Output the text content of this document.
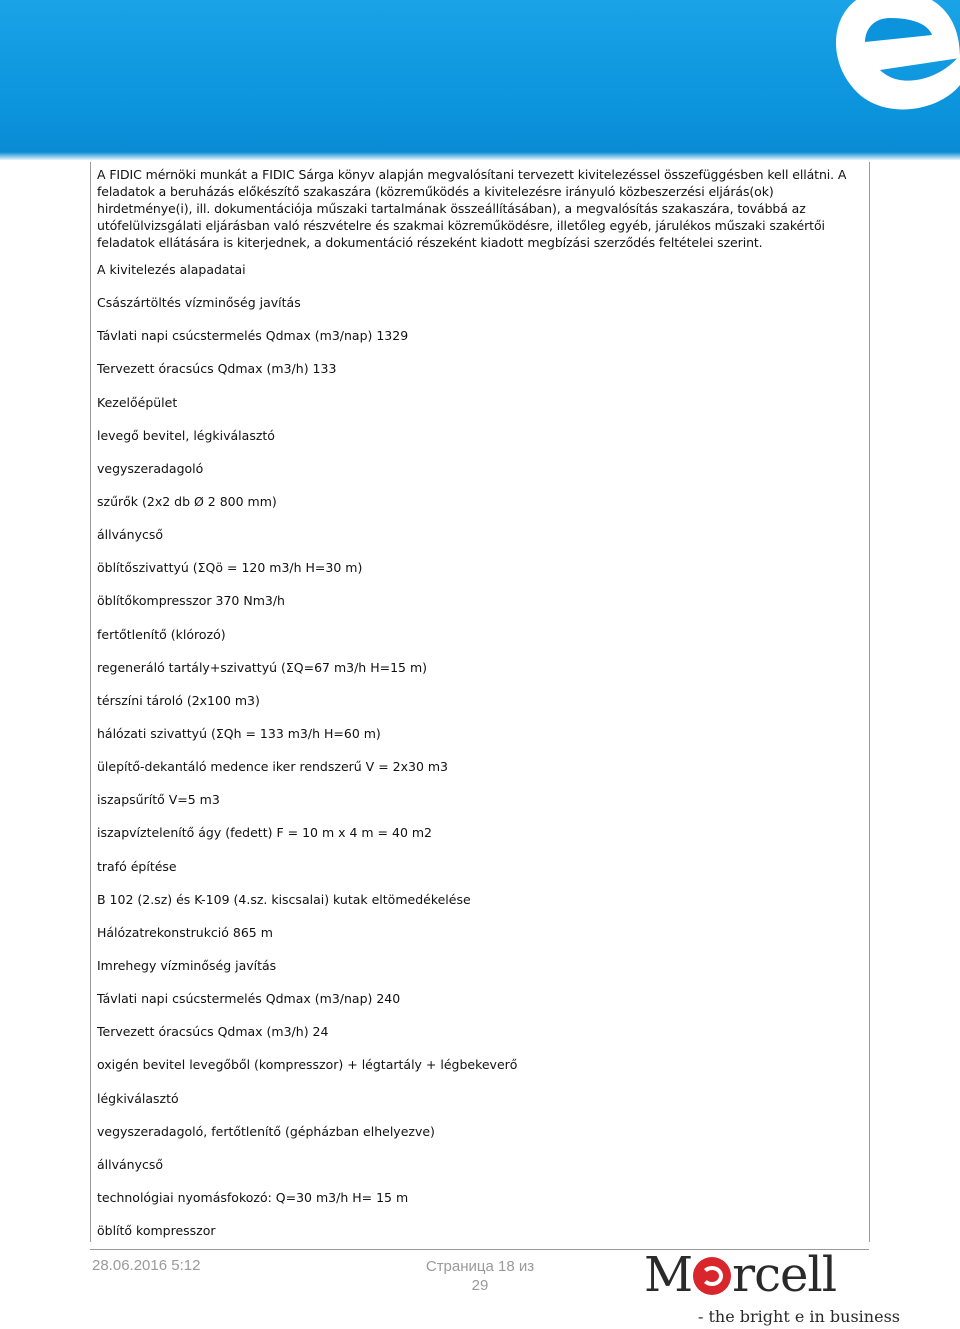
A FIDIC mérnöki munkát a FIDIC Sárga könyv alapján megvalósítani tervezett kivitelezéssel összefüggésben kell ellátni. A feladatok a beruházás előkészítő szakaszára (közreműködés a kivitelezésre irányuló közbeszerzési eljárás(ok) hirdetménye(i), ill. dokumentációja műszaki tartalmának összeállításában), a megvalósítás szakaszára, továbbá az utófelülvizsgálati eljárásban való részvételre és szakmai közreműködésre, illetőleg egyéb, járulékos műszaki szakértői feladatok ellátására is kiterjednek, a dokumentáció részeként kiadott megbízási szerződés feltételei szerint.

A kivitelezés alapadatai
Császártöltés vízminőség javítás
Távlati napi csúcstermelés Qdmax (m3/nap) 1329
Tervezett óracsúcs Qdmax (m3/h) 133
Kezelőépület
levegő bevitel, légkiválasztó
vegyszeradagoló
szűrők (2x2 db Ø 2 800 mm)
állványcső
öblítőszivattyú (ΣQö = 120 m3/h H=30 m)
öblítőkompresszor 370 Nm3/h
fertőtlenítő (klórozó)
regeneráló tartály+szivattyú (ΣQ=67 m3/h H=15 m)
térszíni tároló (2x100 m3)
hálózati szivattyú (ΣQh = 133 m3/h H=60 m)
ülepítő-dekantáló medence iker rendszerű V = 2x30 m3
iszapsűrítő V=5 m3
iszapvíztelenítő ágy (fedett) F = 10 m x 4 m = 40 m2
trafó építése
B 102 (2.sz) és K-109 (4.sz. kiscsalai) kutak eltömedékelése
Hálózatrekonstrukció 865 m
Imrehegy vízminőség javítás
Távlati napi csúcstermelés Qdmax (m3/nap) 240
Tervezett óracsúcs Qdmax (m3/h) 24
oxigén bevitel levegőből (kompresszor) + légtartály + légbekeverő
légkiválasztó
vegyszeradagoló, fertőtlenítő (gépházban elhelyezve)
állványcső
technológiai nyomásfokozó: Q=30 m3/h H= 15 m
öblítő kompresszor
28.06.2016 5:12	Страница 18 из
29	M rcell
- the bright e in business
